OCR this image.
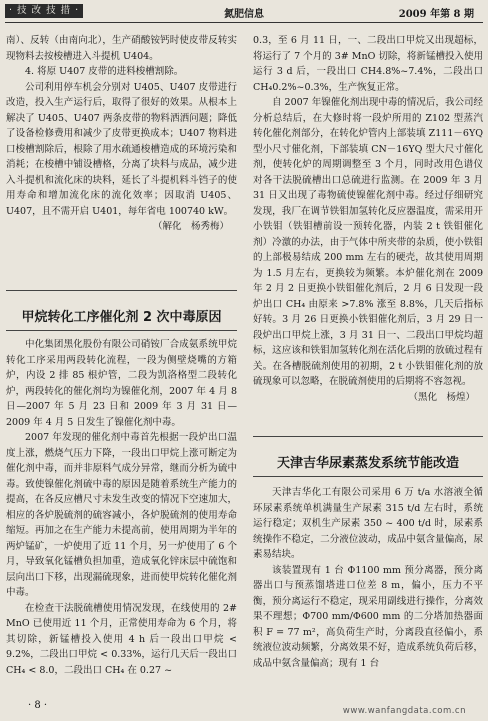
· 技 改 技 措 ·	氮肥信息	2009 年第 8 期

南）、反转（由南向北），生产硝酸铵钙时使皮带反转实现物料去按梭槽进入斗提机 U404。

4. 将原 U407 皮带的进料梭槽割除。

公司利用停车机会分别对 U405、U407 皮带进行改造，投入生产运行后，取得了很好的效果。从根本上解决了 U405、U407 两条皮带的物料洒洒问题；降低了设备检修费用和减少了皮带更换成本；U407 物料进口梭槽割除后，根除了用水疏通梭槽造成的环境污染和消耗；在梭槽中铺设槽格，分离了块料与成品，减少进入斗提机和流化床的块料，延长了斗提机料斗铛子的使用寿命和增加流化床的流化效率；因取消 U405、U407，且不需开启 U401，每年省电 100740 kW。

（解化　杨秀梅）
甲烷转化工序催化剂 2 次中毒原因

中化集团黑化股份有限公司硝铵厂合成氨系统甲烷转化工序采用两段转化流程，一段为侧壁烧嘴的方箱炉，内设 2 排 85 根炉管，二段为凯洛格型二段转化炉，两段转化的催化剂均为镍催化剂，2007 年 4 月 8 日—2007 年 5 月 23 日和 2009 年 3 月 31 日—2009 年 4 月 5 日发生了镍催化剂中毒。

2007 年发现的催化剂中毒首先根据一段炉出口温度上涨，燃烧气压力下降，一段出口甲烷上涨可断定为催化剂中毒，而并非原料气成分异常，继而分析为硫中毒。致使镍催化剂硫中毒的原因是随着系统生产能力的提高，在各反应槽尺寸未发生改变的情况下空速加大，相应的各炉脱硫剂的硫容减小，各炉脱硫剂的使用寿命缩短。再加之在生产能力未提高前，使用周期为半年的两炉锰矿，一炉使用了近 11 个月，另一炉使用了 6 个月，导致氧化锰槽负担加重，造成氧化锌床层中硫饱和层向出口下移，出现漏硫现象，进而使甲烷转化催化剂中毒。

在检查干法脱硫槽使用情况发现，在线使用的 2# MnO 已使用近 11 个月，正常使用寿命为 6 个月，将其切除，新锰槽投入使用 4 h 后一段出口甲烷 < 9.2%，二段出口甲烷 < 0.33%，运行几天后一段出口 CH₄ < 8.0，二段出口 CH₄ 在 0.27 ~

0.3，至 6 月 11 日，一、二段出口甲烷又出现超标，将运行了 7 个月的 3# MnO 切除，将新锰槽投入使用运行 3 d 后，一段出口 CH4.8%~7.4%，二段出口 CH₄0.2%~0.3%，生产恢复正常。

自 2007 年镍催化剂出现中毒的情况后，我公司经分析总结后，在大修时将一段炉所用的 Z102 型蒸汽转化催化剂部分，在转化炉管内上部装填 Z111－6YQ 型小尺寸催化剂，下部装填 CN－16YQ 型大尺寸催化剂，使转化炉的周期调整至 3 个月，同时改用色谱仪对各干法脱硫槽出口总硫进行监测。在 2009 年 3 月 31 日又出现了毒物硫使镍催化剂中毒。经过仔细研究发现，我厂在调节铁钼加氢转化反应器温度，需采用开小铁钼（铁钼槽前设一预转化器，内装 2 t 铁钼催化剂）冷激的办法，由于气体中所夹带的杂质，使小铁钼的上部极易结成 200 mm 左右的硬壳，故其使用周期为 1.5 月左右，更换较为频繁。本炉催化剂在 2009 年 2 月 2 日更换小铁钼催化剂后，2 月 6 日发现一段炉出口 CH₄ 由原来 >7.8% 涨至 8.8%，几天后指标好转。3 月 26 日更换小铁钼催化剂后，3 月 29 日一段炉出口甲烷上涨，3 月 31 日一、二段出口甲烷均超标，这应该和铁钼加氢转化剂在活化后期的放硫过程有关。在各槽脱硫剂使用的初期，2 t 小铁钼催化剂的放硫现象可以忽略，在脱硫剂使用的后期将不容忽视。

（黑化　杨煌）
天津吉华尿素蒸发系统节能改造

天津吉华化工有限公司采用 6 万 t/a 水溶液全循环尿素系统单机满量生产尿素 315 t/d 左右时，系统运行稳定；双机生产尿素 350 ~ 400 t/d 时，尿素系统操作不稳定，二分液位波动，成品中氨含量偏高，尿素易结块。

该装置现有 1 台 Φ1100 mm 预分离器，预分离器出口与预蒸馏塔进口位差 8 m，偏小，压力不平衡，预分离运行不稳定，现采用副线进行操作，分离效果不理想；Φ700 mm/Φ600 mm 的二分塔加热器面积 F = 77 m²，高负荷生产时，分离段直径偏小，系统液位波动频繁，分离效果不好，造成系统负荷后移，成品中氨含量偏高；现有 1 台

· 8 ·	www.wanfangdata.com.cn
